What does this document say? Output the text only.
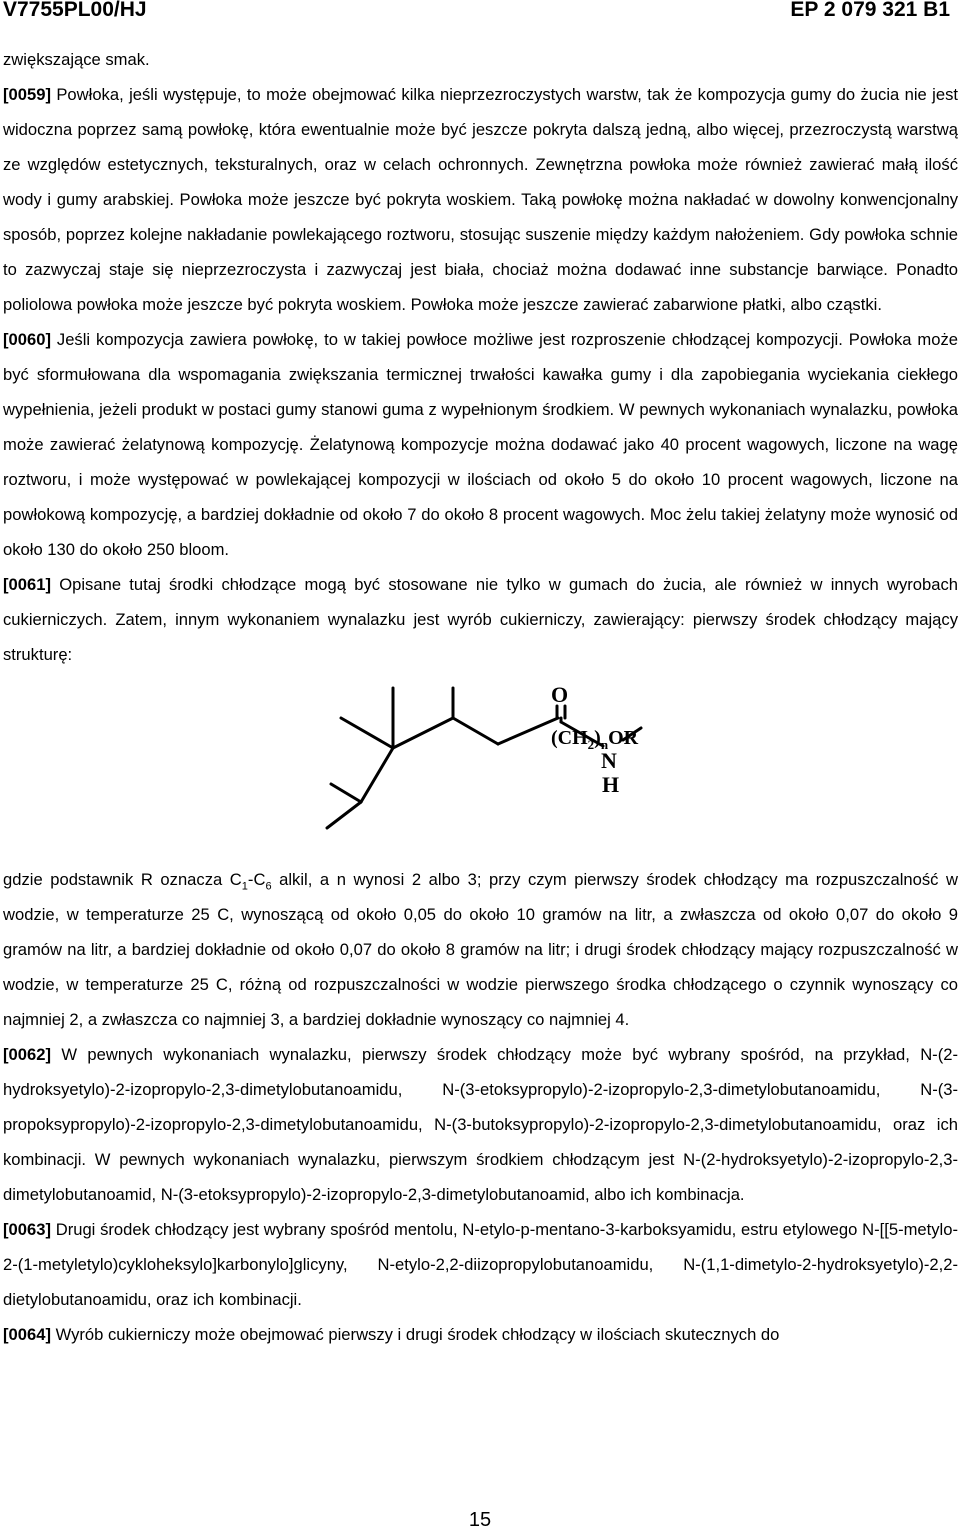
V7755PL00/HJ	EP 2 079 321 B1

zwiększające smak.

[0059] Powłoka, jeśli występuje, to może obejmować kilka nieprzezroczystych warstw, tak że kompozycja gumy do żucia nie jest widoczna poprzez samą powłokę, która ewentualnie może być jeszcze pokryta dalszą jedną, albo więcej, przezroczystą warstwą ze względów estetycznych, teksturalnych, oraz w celach ochronnych. Zewnętrzna powłoka może również zawierać małą ilość wody i gumy arabskiej. Powłoka może jeszcze być pokryta woskiem. Taką powłokę można nakładać w dowolny konwencjonalny sposób, poprzez kolejne nakładanie powlekającego roztworu, stosując suszenie między każdym nałożeniem. Gdy powłoka schnie to zazwyczaj staje się nieprzezroczysta i zazwyczaj jest biała, chociaż można dodawać inne substancje barwiące. Ponadto poliolowa powłoka może jeszcze być pokryta woskiem. Powłoka może jeszcze zawierać zabarwione płatki, albo cząstki.

[0060] Jeśli kompozycja zawiera powłokę, to w takiej powłoce możliwe jest rozproszenie chłodzącej kompozycji. Powłoka może być sformułowana dla wspomagania zwiększania termicznej trwałości kawałka gumy i dla zapobiegania wyciekania ciekłego wypełnienia, jeżeli produkt w postaci gumy stanowi guma z wypełnionym środkiem. W pewnych wykonaniach wynalazku, powłoka może zawierać żelatynową kompozycję. Żelatynową kompozycje można dodawać jako 40 procent wagowych, liczone na wagę roztworu, i może występować w powlekającej kompozycji w ilościach od około 5 do około 10 procent wagowych, liczone na powłokową kompozycję, a bardziej dokładnie od około 7 do około 8 procent wagowych. Moc żelu takiej żelatyny może wynosić od około 130 do około 250 bloom.

[0061] Opisane tutaj środki chłodzące mogą być stosowane nie tylko w gumach do żucia, ale również w innych wyrobach cukierniczych. Zatem, innym wykonaniem wynalazku jest wyrób cukierniczy, zawierający: pierwszy środek chłodzący mający strukturę:

O
N
H
$(CH_2)_nOR$

gdzie podstawnik R oznacza $C_1-C_6$ alkil, a n wynosi 2 albo 3; przy czym pierwszy środek chłodzący ma rozpuszczalność w wodzie, w temperaturze 25 C, wynoszącą od około 0,05 do około 10 gramów na litr, a zwłaszcza od około 0,07 do około 9 gramów na litr, a bardziej dokładnie od około 0,07 do około 8 gramów na litr; i drugi środek chłodzący mający rozpuszczalność w wodzie, w temperaturze 25 C, różną od rozpuszczalności w wodzie pierwszego środka chłodzącego o czynnik wynoszący co najmniej 2, a zwłaszcza co najmniej 3, a bardziej dokładnie wynoszący co najmniej 4.

[0062] W pewnych wykonaniach wynalazku, pierwszy środek chłodzący może być wybrany spośród, na przykład, N-(2-hydroksyetylo)-2-izopropylo-2,3-dimetylobutanoamidu, N-(3-etoksypropylo)-2-izopropylo-2,3-dimetylobutanoamidu, N-(3-propoksypropylo)-2-izopropylo-2,3-dimetylobutanoamidu, N-(3-butoksypropylo)-2-izopropylo-2,3-dimetylobutanoamidu, oraz ich kombinacji. W pewnych wykonaniach wynalazku, pierwszym środkiem chłodzącym jest N-(2-hydroksyetylo)-2-izopropylo-2,3-dimetylobutanoamid, N-(3-etoksypropylo)-2-izopropylo-2,3-dimetylobutanoamid, albo ich kombinacja.

[0063] Drugi środek chłodzący jest wybrany spośród mentolu, N-etylo-p-mentano-3-karboksyamidu, estru etylowego N-[[5-metylo-2-(1-metyletylo)cykloheksylo]karbonylo]glicyny, N-etylo-2,2-diizopropylobutanoamidu, N-(1,1-dimetylo-2-hydroksyetylo)-2,2-dietylobutanoamidu, oraz ich kombinacji.

[0064] Wyrób cukierniczy może obejmować pierwszy i drugi środek chłodzący w ilościach skutecznych do

15
